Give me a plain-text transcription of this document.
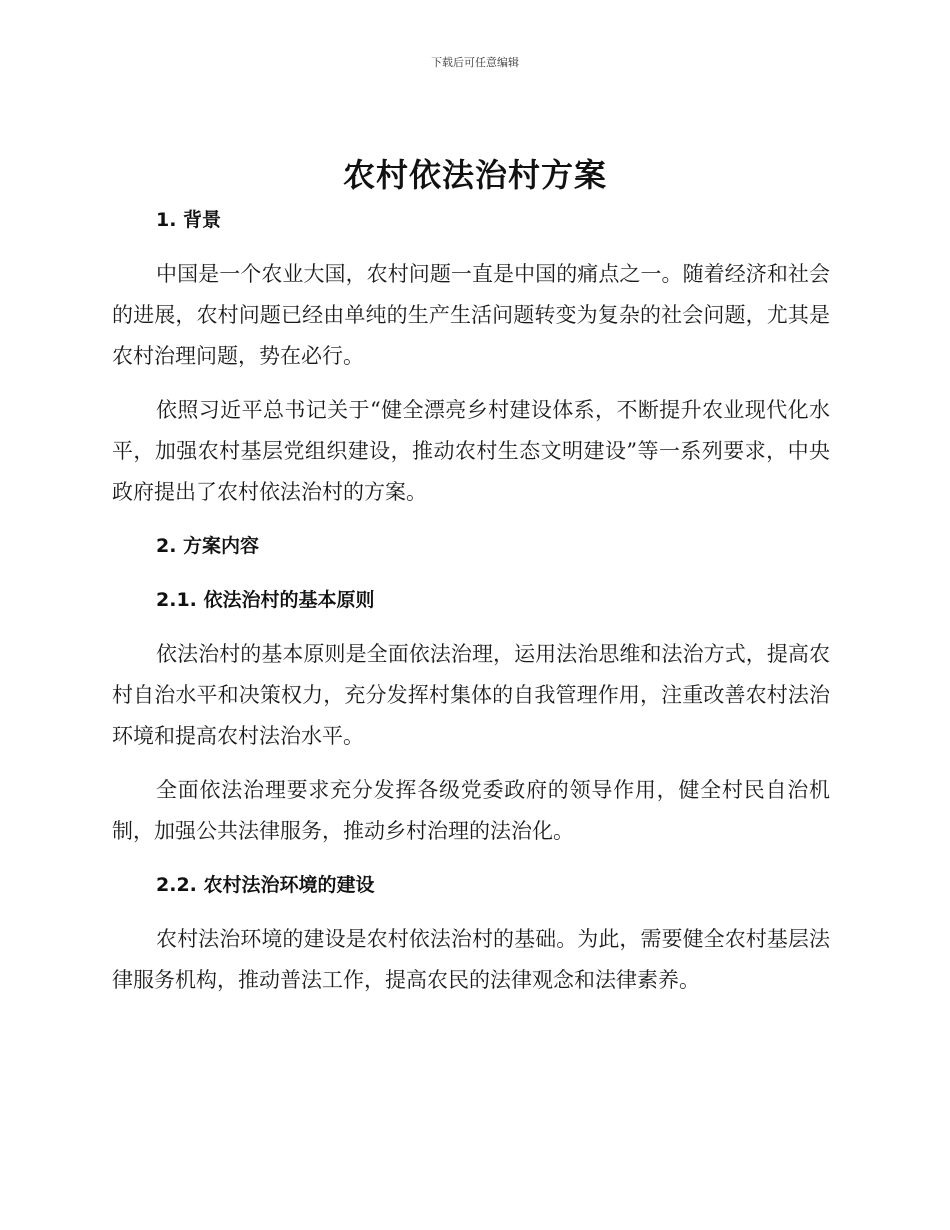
下载后可任意编辑
农村依法治村方案
1. 背景

中国是一个农业大国，农村问题一直是中国的痛点之一。随着经济和社会的进展，农村问题已经由单纯的生产生活问题转变为复杂的社会问题，尤其是农村治理问题，势在必行。

依照习近平总书记关于“健全漂亮乡村建设体系，不断提升农业现代化水平，加强农村基层党组织建设，推动农村生态文明建设”等一系列要求，中央政府提出了农村依法治村的方案。

2. 方案内容
2.1. 依法治村的基本原则

依法治村的基本原则是全面依法治理，运用法治思维和法治方式，提高农村自治水平和决策权力，充分发挥村集体的自我管理作用，注重改善农村法治环境和提高农村法治水平。

全面依法治理要求充分发挥各级党委政府的领导作用，健全村民自治机制，加强公共法律服务，推动乡村治理的法治化。

2.2. 农村法治环境的建设

农村法治环境的建设是农村依法治村的基础。为此，需要健全农村基层法律服务机构，推动普法工作，提高农民的法律观念和法律素养。
